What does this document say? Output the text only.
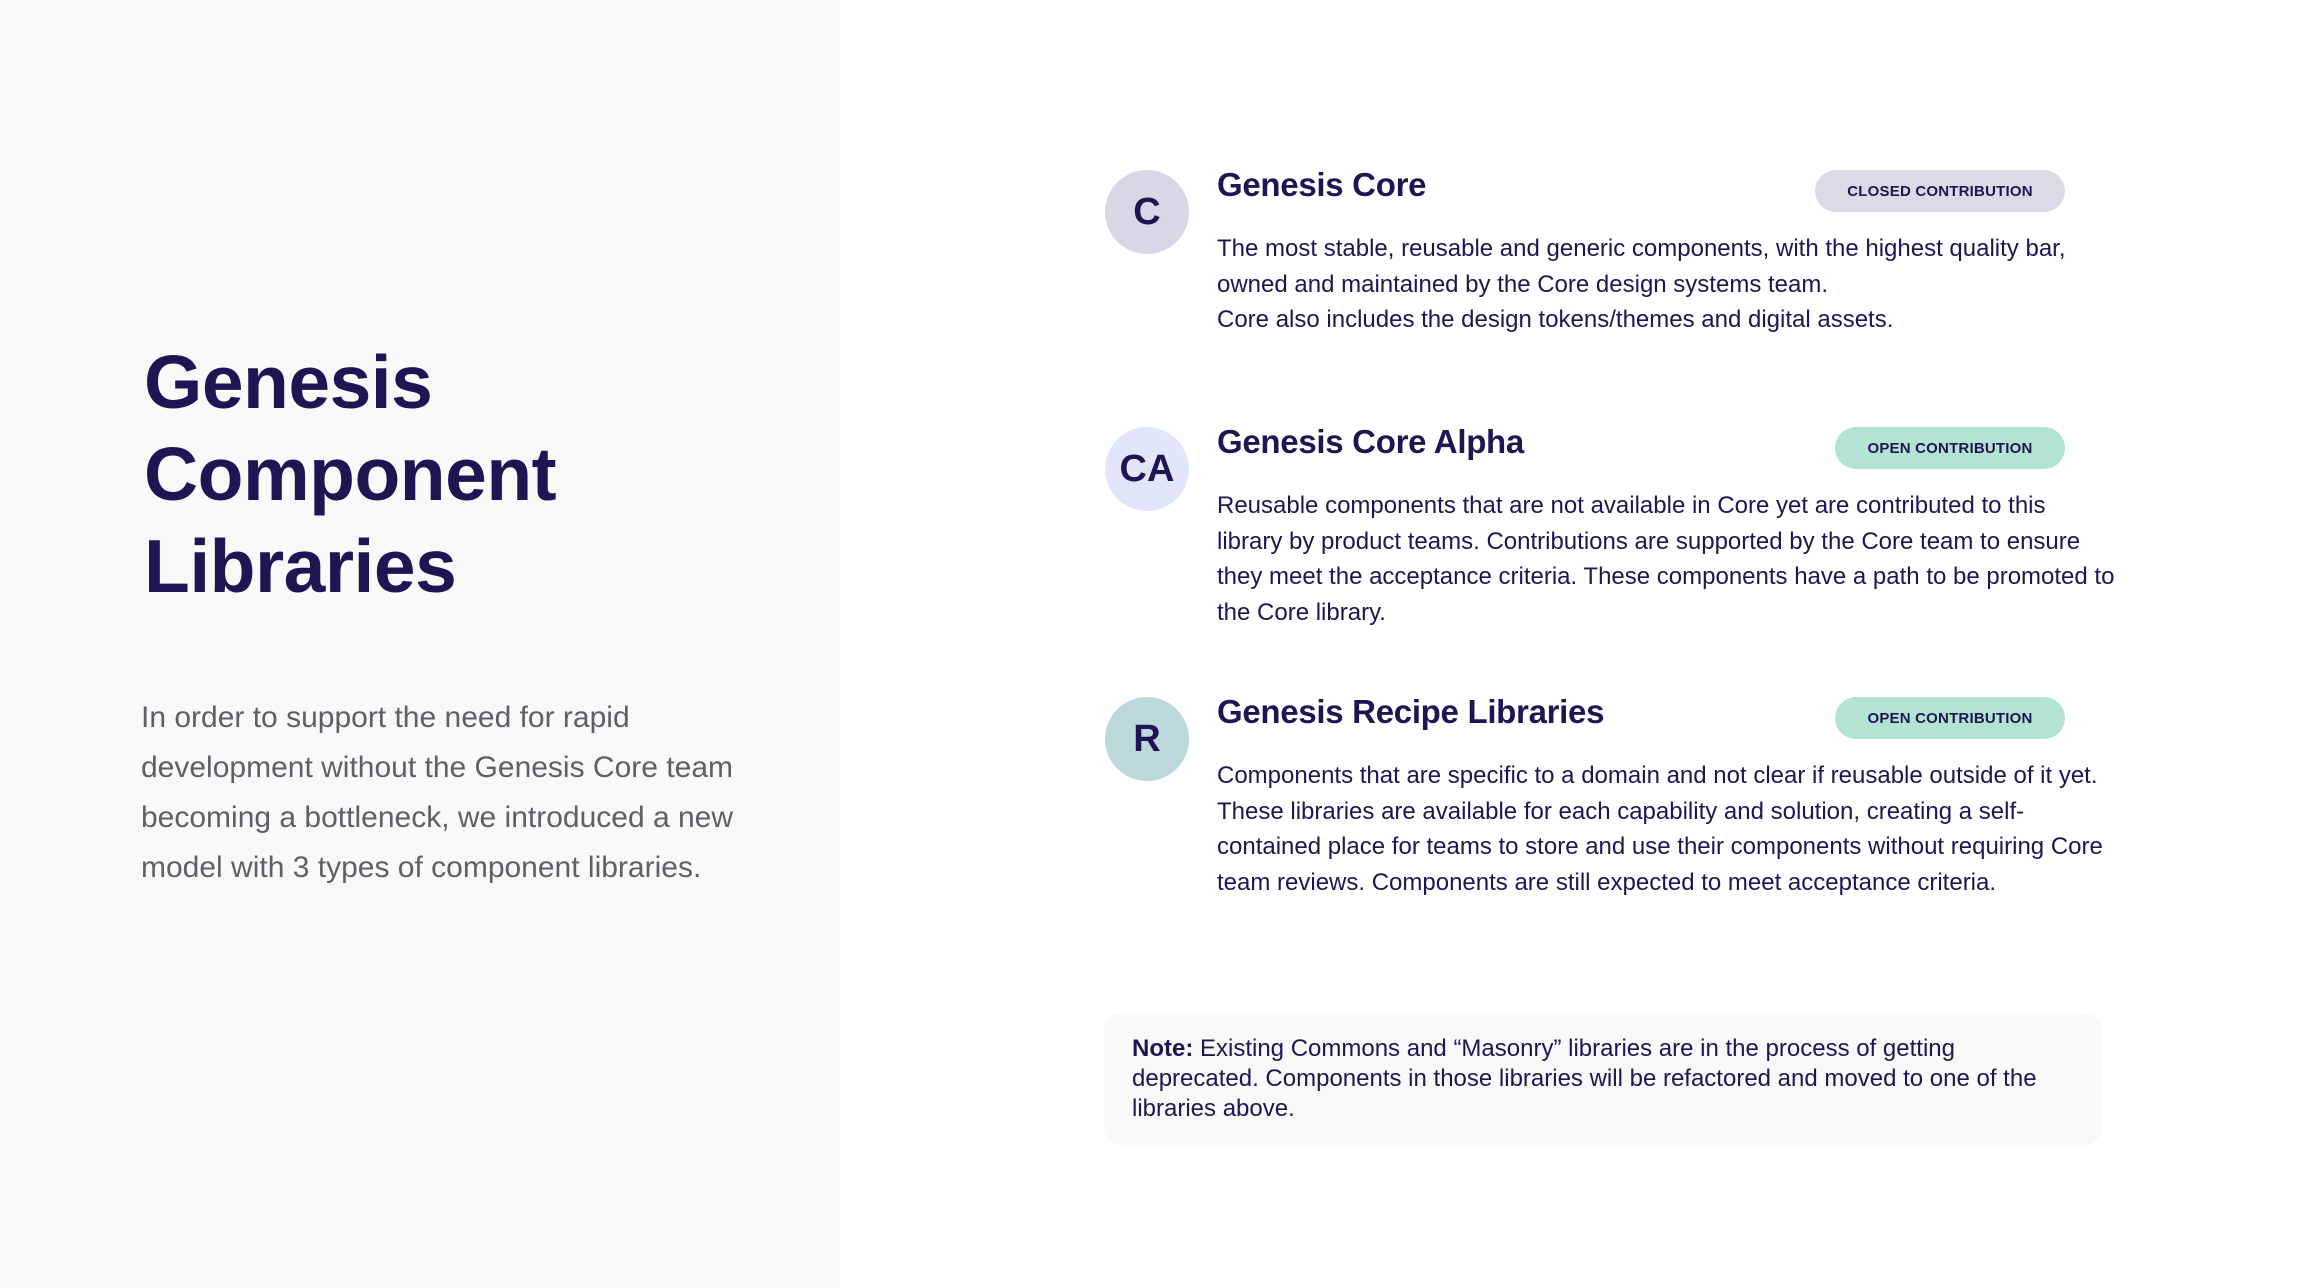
Genesis
Component
Libraries
In order to support the need for rapid development without the Genesis Core team becoming a bottleneck, we introduced a new model with 3 types of component libraries.
C
Genesis Core	CLOSED CONTRIBUTION
The most stable, reusable and generic components, with the highest quality bar, owned and maintained by the Core design systems team.
Core also includes the design tokens/themes and digital assets.
CA
Genesis Core Alpha	OPEN CONTRIBUTION
Reusable components that are not available in Core yet are contributed to this library by product teams. Contributions are supported by the Core team to ensure they meet the acceptance criteria. These components have a path to be promoted to the Core library.
R
Genesis Recipe Libraries	OPEN CONTRIBUTION
Components that are specific to a domain and not clear if reusable outside of it yet. These libraries are available for each capability and solution, creating a self-contained place for teams to store and use their components without requiring Core team reviews. Components are still expected to meet acceptance criteria.
Note: Existing Commons and “Masonry” libraries are in the process of getting deprecated. Components in those libraries will be refactored and moved to one of the libraries above.
